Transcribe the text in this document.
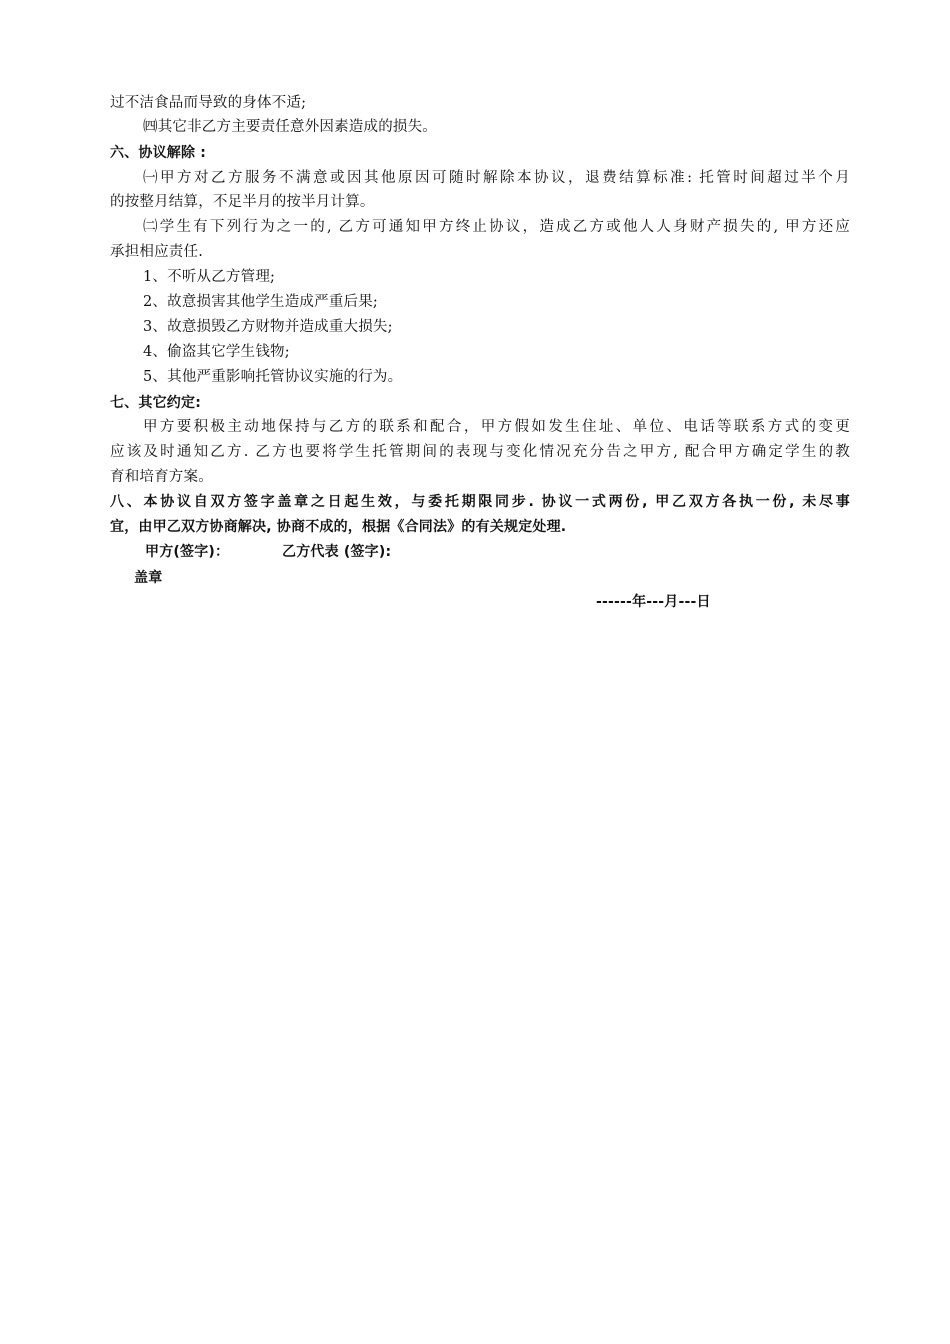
过不洁食品而导致的身体不适;
㈣其它非乙方主要责任意外因素造成的损失。
六、协议解除 :
㈠甲方对乙方服务不满意或因其他原因可随时解除本协议，退费结算标准: 托管时间超过半个月
的按整月结算，不足半月的按半月计算。
㈡学生有下列行为之一的, 乙方可通知甲方终止协议，造成乙方或他人人身财产损失的, 甲方还应
承担相应责任.
1、不听从乙方管理;
2、故意损害其他学生造成严重后果;
3、故意损毁乙方财物并造成重大损失;
4、偷盗其它学生钱物;
5、其他严重影响托管协议实施的行为。
七、其它约定:
甲方要积极主动地保持与乙方的联系和配合，甲方假如发生住址、单位、电话等联系方式的变更
应该及时通知乙方. 乙方也要将学生托管期间的表现与变化情况充分告之甲方, 配合甲方确定学生的教
育和培育方案。
八、本协议自双方签字盖章之日起生效，与委托期限同步. 协议一式两份, 甲乙双方各执一份, 未尽事
宜，由甲乙双方协商解决, 协商不成的，根据《合同法》的有关规定处理.
甲方(签字)：	乙方代表 (签字):
盖章
------年---月---日
